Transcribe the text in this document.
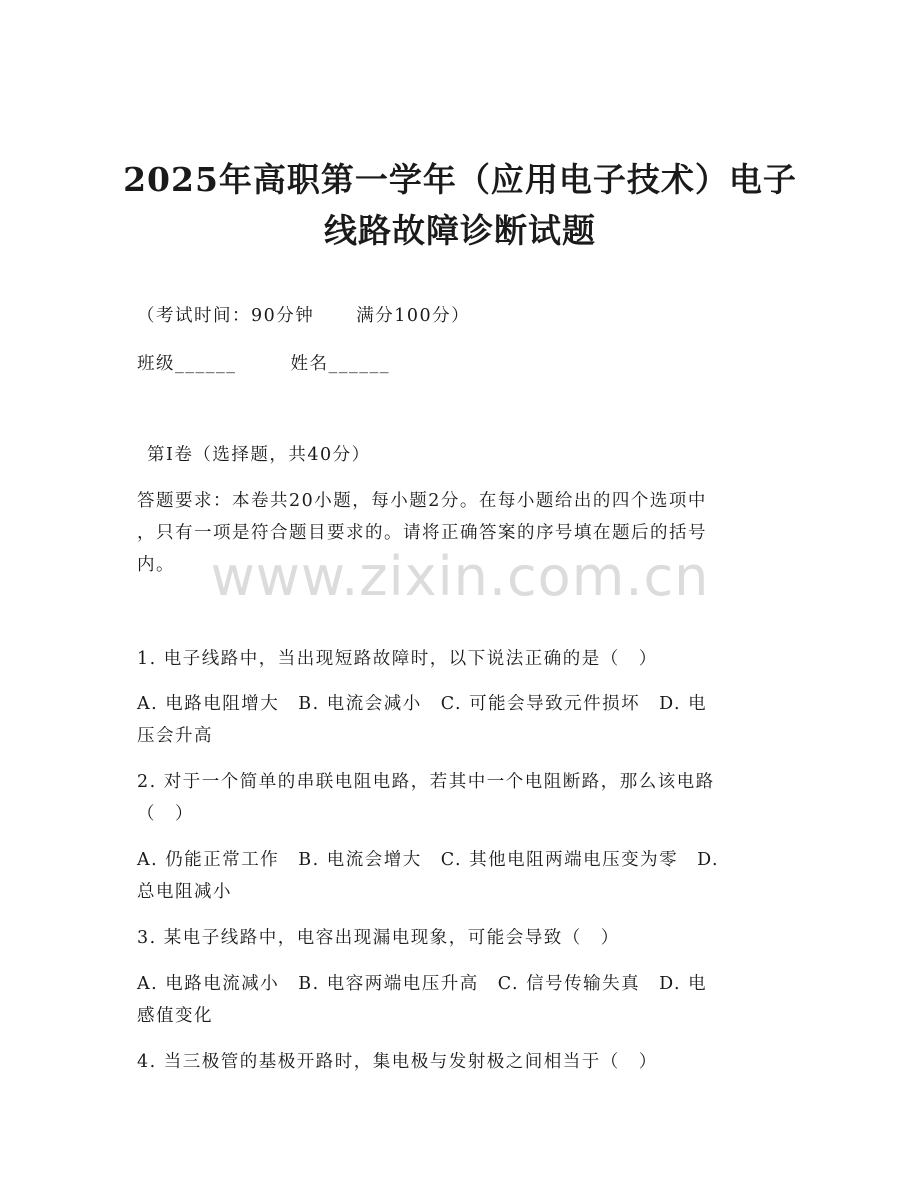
2025年高职第一学年（应用电子技术）电子
线路故障诊断试题
（考试时间：90分钟 满分100分）
班级______	姓名______
第Ⅰ卷（选择题，共40分）
答题要求：本卷共20小题，每小题2分。在每小题给出的四个选项中
，只有一项是符合题目要求的。请将正确答案的序号填在题后的括号
内。 www.zixin.com.cn
1. 电子线路中，当出现短路故障时，以下说法正确的是（　）
A. 电路电阻增大　B. 电流会减小　C. 可能会导致元件损坏　D. 电
压会升高
2. 对于一个简单的串联电阻电路，若其中一个电阻断路，那么该电路
（　）
A. 仍能正常工作　B. 电流会增大　C. 其他电阻两端电压变为零　D.
总电阻减小
3. 某电子线路中，电容出现漏电现象，可能会导致（　）
A. 电路电流减小　B. 电容两端电压升高　C. 信号传输失真　D. 电
感值变化
4. 当三极管的基极开路时，集电极与发射极之间相当于（　）
